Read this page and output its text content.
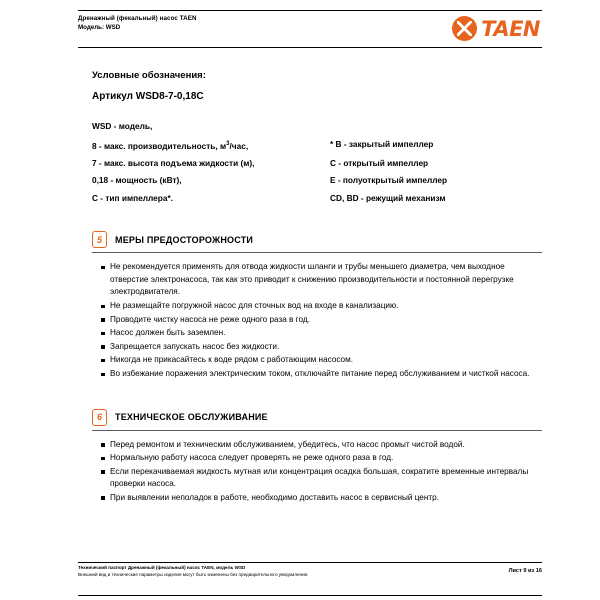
Дренажный (фекальный) насос TAEN
Модель: WSD	TAEN
Условные обозначения:
Артикул WSD8-7-0,18C
WSD - модель,
8 - макс. производительность, $м^3$/час,	* B - закрытый импеллер
7 - макс. высота подъема жидкости (м),	C - открытый импеллер
0,18 - мощность (кВт),	E - полуоткрытый импеллер
C - тип импеллера*.	CD, BD - режущий механизм
5	МЕРЫ ПРЕДОСТОРОЖНОСТИ
Не рекомендуется применять для отвода жидкости шланги и трубы меньшего диаметра, чем выходное отверстие электронасоса, так как это приводит к снижению производительности и постоянной перегрузке электродвигателя.
Не размещайте погружной насос для сточных вод на входе в канализацию.
Проводите чистку насоса не реже одного раза в год.
Насос должен быть заземлен.
Запрещается запускать насос без жидкости.
Никогда не прикасайтесь к воде рядом с работающим насосом.
Во избежание поражения электрическим током, отключайте питание перед обслуживанием и чисткой насоса.
6	ТЕХНИЧЕСКОЕ ОБСЛУЖИВАНИЕ
Перед ремонтом и техническим обслуживанием, убедитесь, что насос промыт чистой водой.
Нормальную работу насоса следует проверять не реже одного раза в год.
Если перекачиваемая жидкость мутная или концентрация осадка большая, сократите временные интервалы проверки насоса.
При выявлении неполадок в работе, необходимо доставить насос в сервисный центр.
Технический паспорт Дренажный (фекальный) насос TAEN, модель WSD
Внешний вид и технические параметры изделия могут быть изменены без предварительного уведомления.	Лист 9 из 16
